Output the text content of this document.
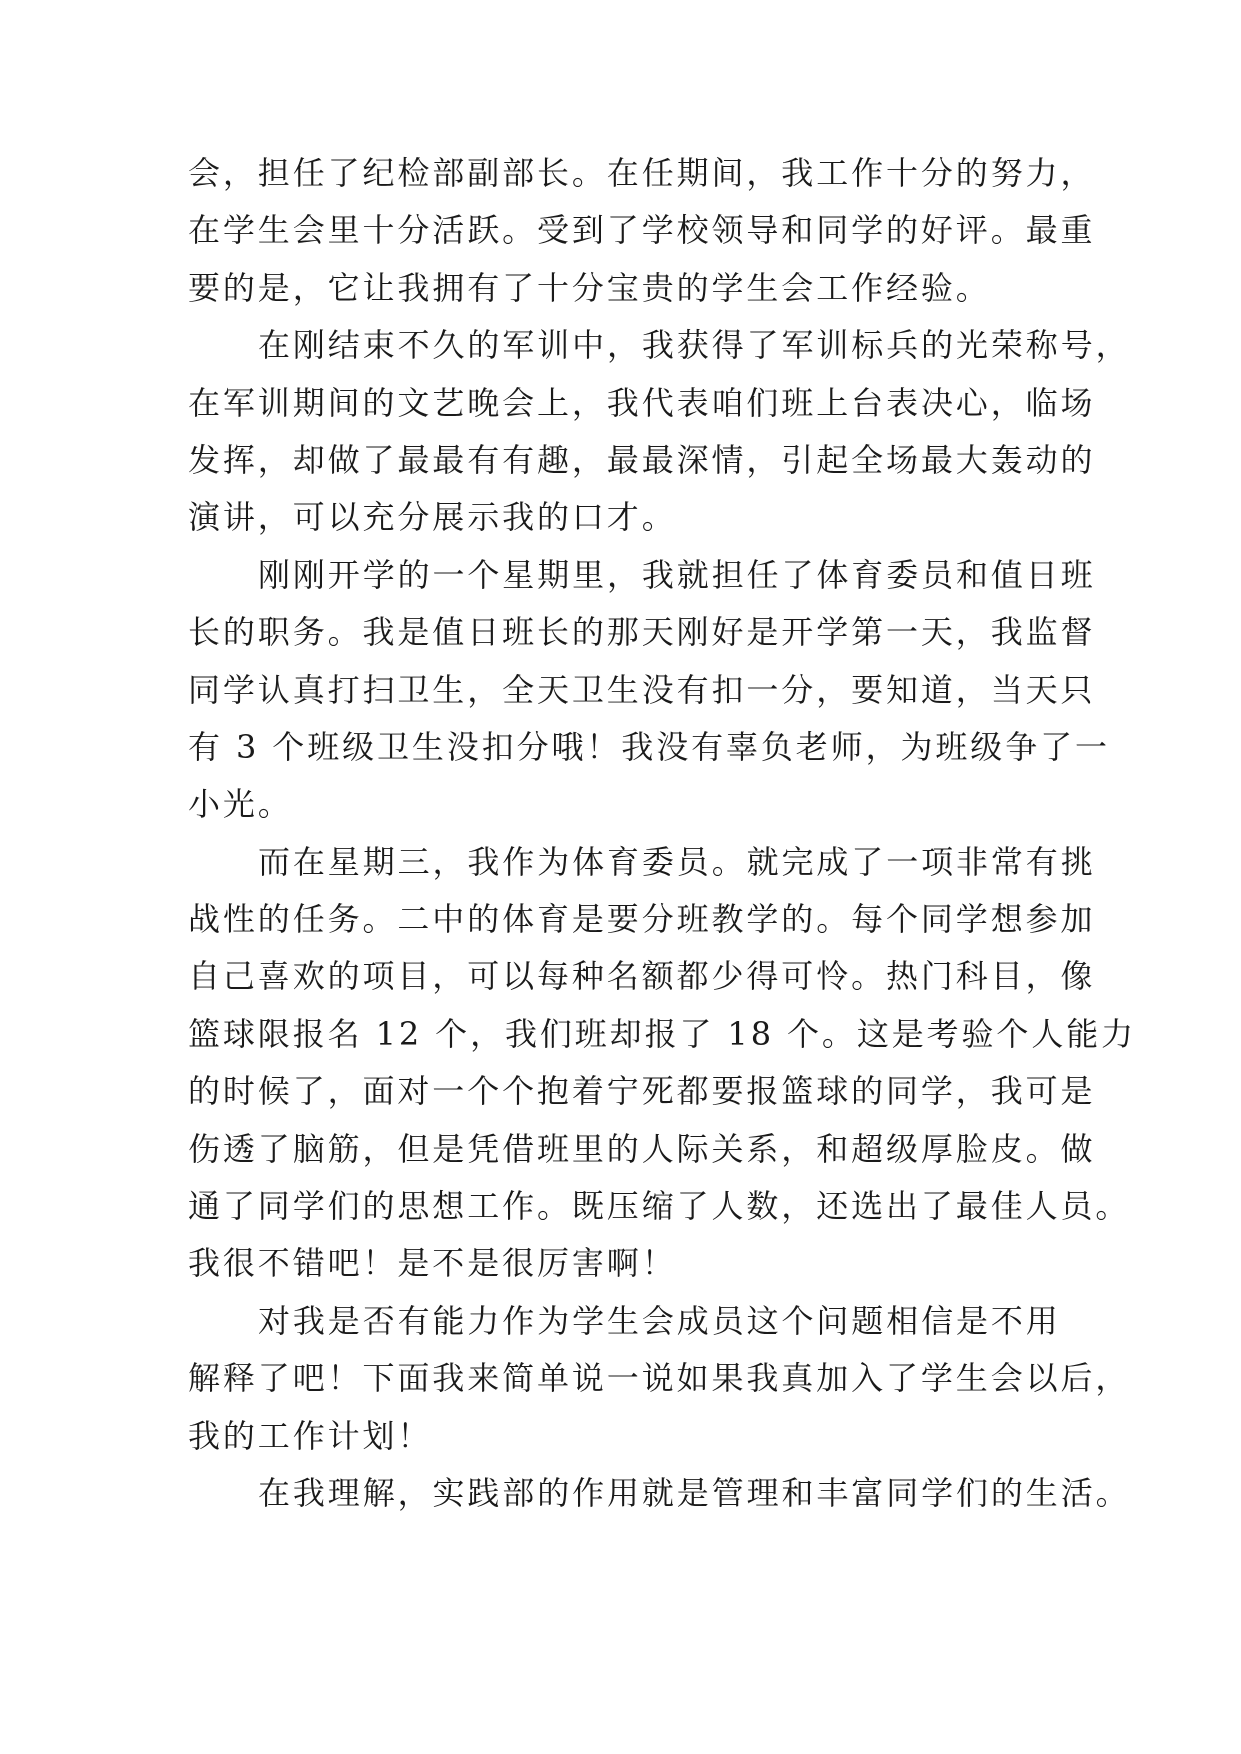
会，担任了纪检部副部长。在任期间，我工作十分的努力，
在学生会里十分活跃。受到了学校领导和同学的好评。最重
要的是，它让我拥有了十分宝贵的学生会工作经验。
在刚结束不久的军训中，我获得了军训标兵的光荣称号，
在军训期间的文艺晚会上，我代表咱们班上台表决心，临场
发挥，却做了最最有有趣，最最深情，引起全场最大轰动的
演讲，可以充分展示我的口才。
刚刚开学的一个星期里，我就担任了体育委员和值日班
长的职务。我是值日班长的那天刚好是开学第一天，我监督
同学认真打扫卫生，全天卫生没有扣一分，要知道，当天只
有 3 个班级卫生没扣分哦！我没有辜负老师，为班级争了一
小光。
而在星期三，我作为体育委员。就完成了一项非常有挑
战性的任务。二中的体育是要分班教学的。每个同学想参加
自己喜欢的项目，可以每种名额都少得可怜。热门科目，像
篮球限报名 12 个，我们班却报了 18 个。这是考验个人能力
的时候了，面对一个个抱着宁死都要报篮球的同学，我可是
伤透了脑筋，但是凭借班里的人际关系，和超级厚脸皮。做
通了同学们的思想工作。既压缩了人数，还选出了最佳人员。
我很不错吧！是不是很厉害啊！
对我是否有能力作为学生会成员这个问题相信是不用
解释了吧！下面我来简单说一说如果我真加入了学生会以后，
我的工作计划！
在我理解，实践部的作用就是管理和丰富同学们的生活。
